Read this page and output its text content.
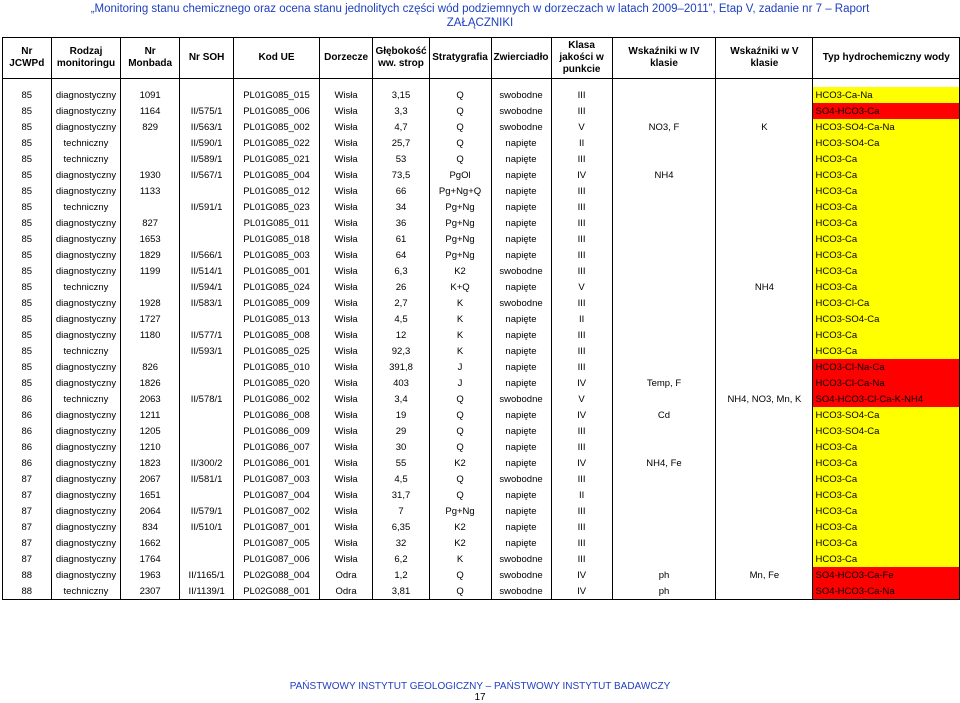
„Monitoring stanu chemicznego oraz ocena stanu jednolitych części wód podziemnych w dorzeczach w latach 2009–2011”, Etap V, zadanie nr 7 – Raport
ZAŁĄCZNIKI
Nr JCWPd	Rodzaj monitoringu	Nr Monbada	Nr SOH	Kod UE	Dorzecze	Głębokość ww. strop	Stratygrafia	Zwierciadło	Klasa jakości w punkcie	Wskaźniki w IV klasie	Wskaźniki w V klasie	Typ hydrochemiczny wody

85	diagnostyczny	1091		PL01G085_015	Wisła	3,15	Q	swobodne	III			HCO3-Ca-Na
85	diagnostyczny	1164	II/575/1	PL01G085_006	Wisła	3,3	Q	swobodne	III			SO4-HCO3-Ca
85	diagnostyczny	829	II/563/1	PL01G085_002	Wisła	4,7	Q	swobodne	V	NO3, F	K	HCO3-SO4-Ca-Na
85	techniczny		II/590/1	PL01G085_022	Wisła	25,7	Q	napięte	II			HCO3-SO4-Ca
85	techniczny		II/589/1	PL01G085_021	Wisła	53	Q	napięte	III			HCO3-Ca
85	diagnostyczny	1930	II/567/1	PL01G085_004	Wisła	73,5	PgOl	napięte	IV	NH4		HCO3-Ca
85	diagnostyczny	1133		PL01G085_012	Wisła	66	Pg+Ng+Q	napięte	III			HCO3-Ca
85	techniczny		II/591/1	PL01G085_023	Wisła	34	Pg+Ng	napięte	III			HCO3-Ca
85	diagnostyczny	827		PL01G085_011	Wisła	36	Pg+Ng	napięte	III			HCO3-Ca
85	diagnostyczny	1653		PL01G085_018	Wisła	61	Pg+Ng	napięte	III			HCO3-Ca
85	diagnostyczny	1829	II/566/1	PL01G085_003	Wisła	64	Pg+Ng	napięte	III			HCO3-Ca
85	diagnostyczny	1199	II/514/1	PL01G085_001	Wisła	6,3	K2	swobodne	III			HCO3-Ca
85	techniczny		II/594/1	PL01G085_024	Wisła	26	K+Q	napięte	V		NH4	HCO3-Ca
85	diagnostyczny	1928	II/583/1	PL01G085_009	Wisła	2,7	K	swobodne	III			HCO3-Cl-Ca
85	diagnostyczny	1727		PL01G085_013	Wisła	4,5	K	napięte	II			HCO3-SO4-Ca
85	diagnostyczny	1180	II/577/1	PL01G085_008	Wisła	12	K	napięte	III			HCO3-Ca
85	techniczny		II/593/1	PL01G085_025	Wisła	92,3	K	napięte	III			HCO3-Ca
85	diagnostyczny	826		PL01G085_010	Wisła	391,8	J	napięte	III			HCO3-Cl-Na-Ca
85	diagnostyczny	1826		PL01G085_020	Wisła	403	J	napięte	IV	Temp, F		HCO3-Cl-Ca-Na
86	techniczny	2063	II/578/1	PL01G086_002	Wisła	3,4	Q	swobodne	V		NH4, NO3, Mn, K	SO4-HCO3-Cl-Ca-K-NH4
86	diagnostyczny	1211		PL01G086_008	Wisła	19	Q	napięte	IV	Cd		HCO3-SO4-Ca
86	diagnostyczny	1205		PL01G086_009	Wisła	29	Q	napięte	III			HCO3-SO4-Ca
86	diagnostyczny	1210		PL01G086_007	Wisła	30	Q	napięte	III			HCO3-Ca
86	diagnostyczny	1823	II/300/2	PL01G086_001	Wisła	55	K2	napięte	IV	NH4, Fe		HCO3-Ca
87	diagnostyczny	2067	II/581/1	PL01G087_003	Wisła	4,5	Q	swobodne	III			HCO3-Ca
87	diagnostyczny	1651		PL01G087_004	Wisła	31,7	Q	napięte	II			HCO3-Ca
87	diagnostyczny	2064	II/579/1	PL01G087_002	Wisła	7	Pg+Ng	napięte	III			HCO3-Ca
87	diagnostyczny	834	II/510/1	PL01G087_001	Wisła	6,35	K2	napięte	III			HCO3-Ca
87	diagnostyczny	1662		PL01G087_005	Wisła	32	K2	napięte	III			HCO3-Ca
87	diagnostyczny	1764		PL01G087_006	Wisła	6,2	K	swobodne	III			HCO3-Ca
88	diagnostyczny	1963	II/1165/1	PL02G088_004	Odra	1,2	Q	swobodne	IV	ph	Mn, Fe	SO4-HCO3-Ca-Fe
88	techniczny	2307	II/1139/1	PL02G088_001	Odra	3,81	Q	swobodne	IV	ph		SO4-HCO3-Ca-Na
PAŃSTWOWY INSTYTUT GEOLOGICZNY – PAŃSTWOWY INSTYTUT BADAWCZY
17
